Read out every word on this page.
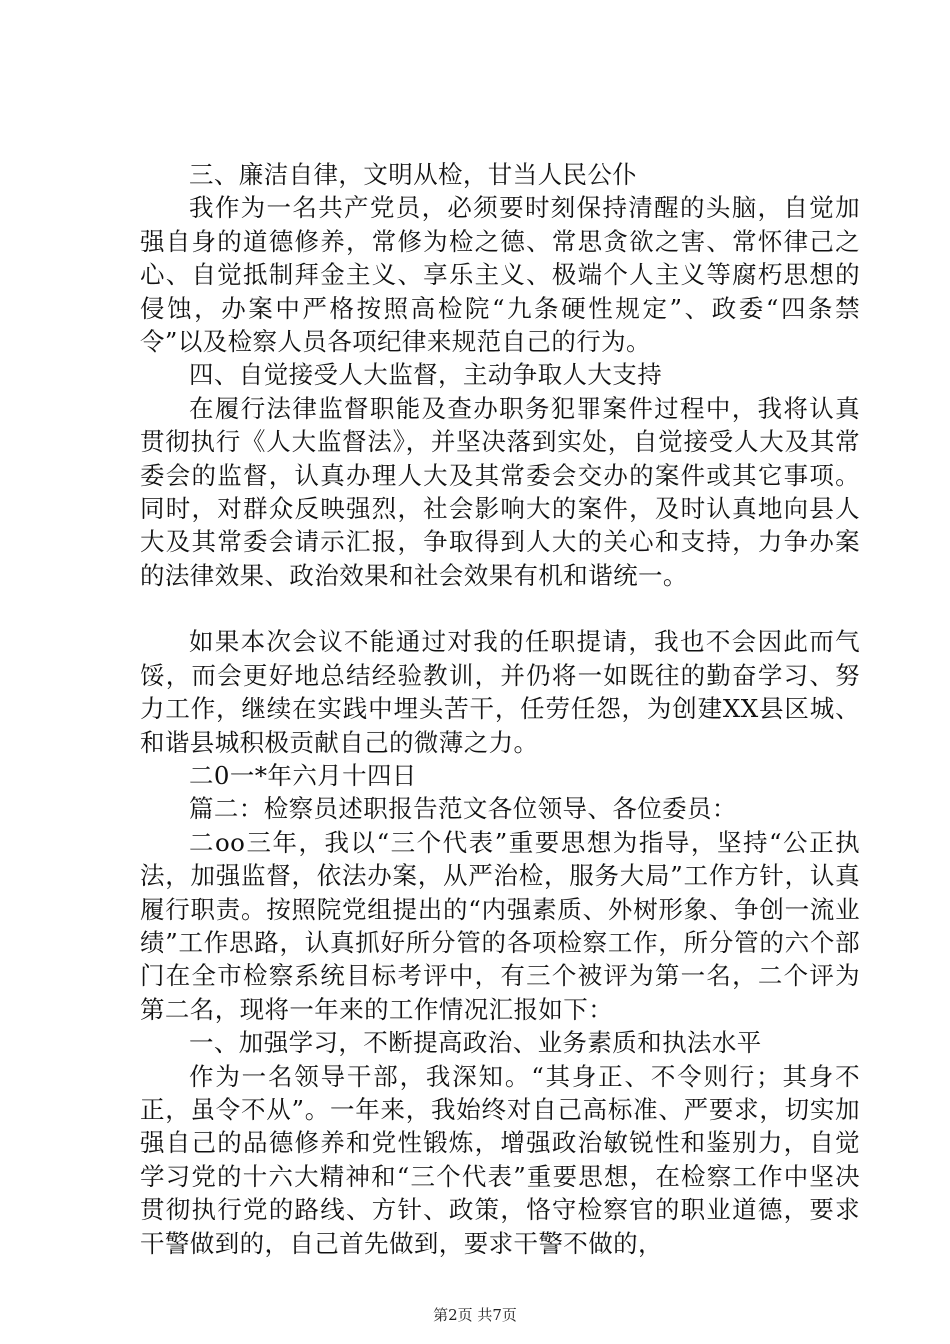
三、廉洁自律，文明从检，甘当人民公仆

我作为一名共产党员，必须要时刻保持清醒的头脑，自觉加强自身的道德修养，常修为检之德、常思贪欲之害、常怀律己之心、自觉抵制拜金主义、享乐主义、极端个人主义等腐朽思想的侵蚀，办案中严格按照高检院“九条硬性规定”、政委“四条禁令”以及检察人员各项纪律来规范自己的行为。

四、自觉接受人大监督，主动争取人大支持

在履行法律监督职能及查办职务犯罪案件过程中，我将认真贯彻执行《人大监督法》，并坚决落到实处，自觉接受人大及其常委会的监督，认真办理人大及其常委会交办的案件或其它事项。同时，对群众反映强烈，社会影响大的案件，及时认真地向县人大及其常委会请示汇报，争取得到人大的关心和支持，力争办案的法律效果、政治效果和社会效果有机和谐统一。

如果本次会议不能通过对我的任职提请，我也不会因此而气馁，而会更好地总结经验教训，并仍将一如既往的勤奋学习、努力工作，继续在实践中埋头苦干，任劳任怨，为创建XX县区城、和谐县城积极贡献自己的微薄之力。

二0一*年六月十四日

篇二：检察员述职报告范文各位领导、各位委员：

二oo三年，我以“三个代表”重要思想为指导，坚持“公正执法，加强监督，依法办案，从严治检，服务大局”工作方针，认真履行职责。按照院党组提出的“内强素质、外树形象、争创一流业绩”工作思路，认真抓好所分管的各项检察工作，所分管的六个部门在全市检察系统目标考评中，有三个被评为第一名，二个评为第二名，现将一年来的工作情况汇报如下：

一、加强学习，不断提高政治、业务素质和执法水平

作为一名领导干部，我深知。“其身正、不令则行；其身不正，虽令不从”。一年来，我始终对自己高标准、严要求，切实加强自己的品德修养和党性锻炼，增强政治敏锐性和鉴别力，自觉学习党的十六大精神和“三个代表”重要思想，在检察工作中坚决贯彻执行党的路线、方针、政策，恪守检察官的职业道德，要求干警做到的，自己首先做到，要求干警不做的，

第2页 共7页
